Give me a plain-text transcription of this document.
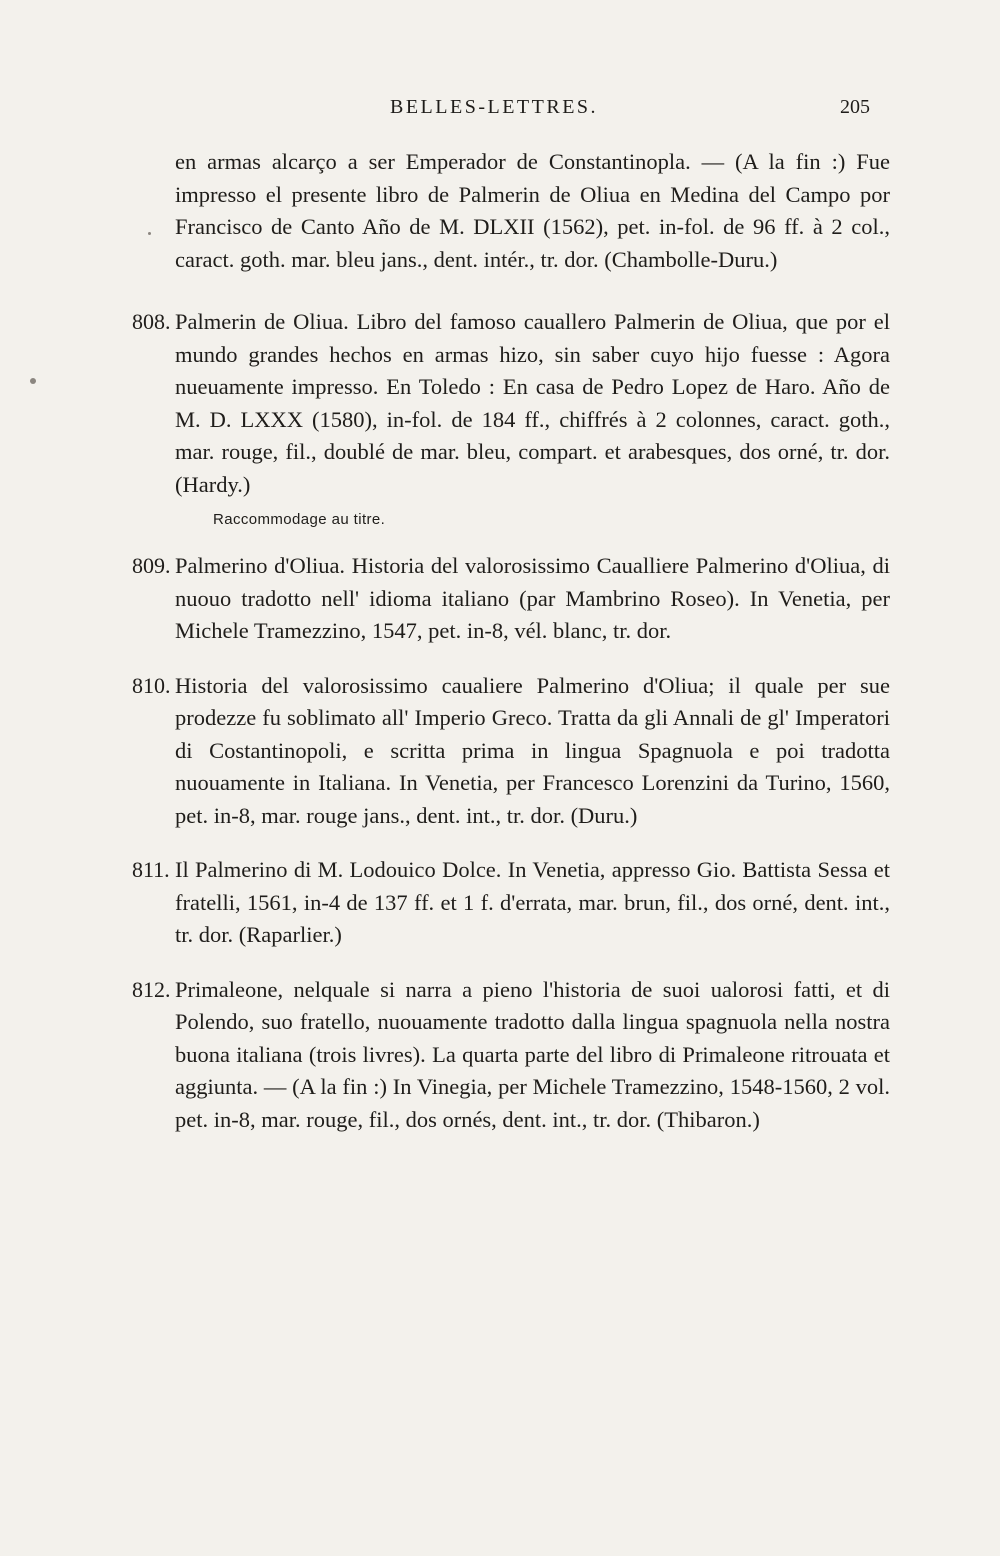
BELLES-LETTRES.	205
en armas alcarço a ser Emperador de Constantinopla. — (A la fin :) Fue impresso el presente libro de Palmerin de Oliua en Medina del Campo por Francisco de Canto Año de M. DLXII (1562), pet. in-fol. de 96 ff. à 2 col., caract. goth. mar. bleu jans., dent. intér., tr. dor. (Chambolle-Duru.)
808. Palmerin de Oliua. Libro del famoso cauallero Palmerin de Oliua, que por el mundo grandes hechos en armas hizo, sin saber cuyo hijo fuesse : Agora nueuamente impresso. En Toledo : En casa de Pedro Lopez de Haro. Año de M. D. LXXX (1580), in-fol. de 184 ff., chiffrés à 2 colonnes, caract. goth., mar. rouge, fil., doublé de mar. bleu, compart. et arabesques, dos orné, tr. dor. (Hardy.)
Raccommodage au titre.
809. Palmerino d'Oliua. Historia del valorosissimo Caualliere Palmerino d'Oliua, di nuouo tradotto nell' idioma italiano (par Mambrino Roseo). In Venetia, per Michele Tramezzino, 1547, pet. in-8, vél. blanc, tr. dor.
810. Historia del valorosissimo caualiere Palmerino d'Oliua; il quale per sue prodezze fu soblimato all' Imperio Greco. Tratta da gli Annali de gl' Imperatori di Costantinopoli, e scritta prima in lingua Spagnuola e poi tradotta nuouamente in Italiana. In Venetia, per Francesco Lorenzini da Turino, 1560, pet. in-8, mar. rouge jans., dent. int., tr. dor. (Duru.)
811. Il Palmerino di M. Lodouico Dolce. In Venetia, appresso Gio. Battista Sessa et fratelli, 1561, in-4 de 137 ff. et 1 f. d'errata, mar. brun, fil., dos orné, dent. int., tr. dor. (Raparlier.)
812. Primaleone, nelquale si narra a pieno l'historia de suoi ualorosi fatti, et di Polendo, suo fratello, nuouamente tradotto dalla lingua spagnuola nella nostra buona italiana (trois livres). La quarta parte del libro di Primaleone ritrouata et aggiunta. — (A la fin :) In Vinegia, per Michele Tramezzino, 1548-1560, 2 vol. pet. in-8, mar. rouge, fil., dos ornés, dent. int., tr. dor. (Thibaron.)
